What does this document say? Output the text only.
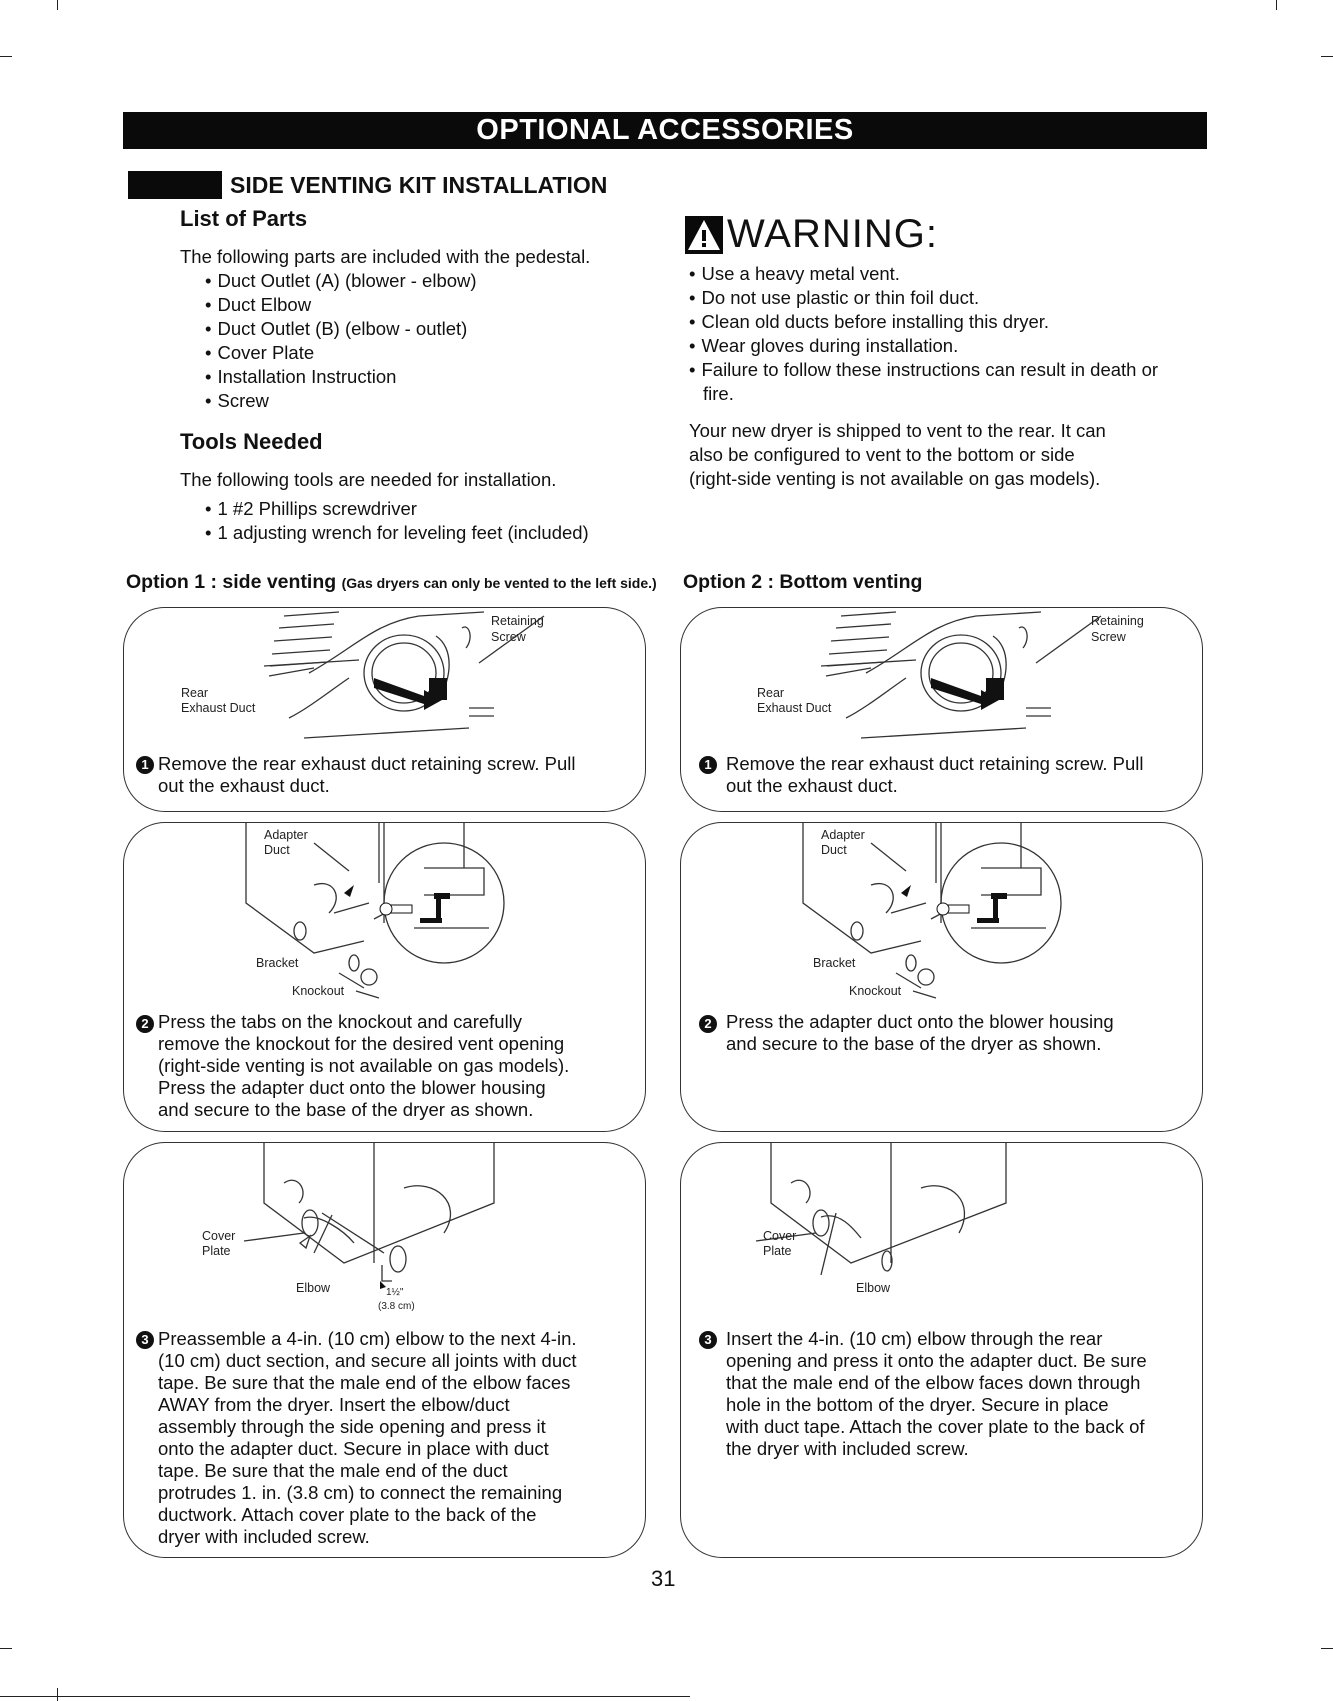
OPTIONAL ACCESSORIES
SIDE VENTING KIT INSTALLATION
List of Parts
The following parts are included with the pedestal.
• Duct Outlet (A) (blower - elbow)
• Duct Elbow
• Duct Outlet (B) (elbow - outlet)
• Cover Plate
• Installation Instruction
• Screw
Tools Needed
The following tools are needed for installation.
• 1 #2 Phillips screwdriver
• 1 adjusting wrench for leveling feet (included)
WARNING:
• Use a heavy metal vent.
• Do not use plastic or thin foil duct.
• Clean old ducts before installing this dryer.
• Wear gloves during installation.
• Failure to follow these instructions can result in death or fire.
Your new dryer is shipped to vent to the rear. It can
also be configured to vent to the bottom or side
(right-side venting is not available on gas models).
Option 1 : side venting (Gas dryers can only be vented to the left side.) Option 2 : Bottom venting
Retaining
Screw
Rear
Exhaust Duct
1 Remove the rear exhaust duct retaining screw. Pull
out the exhaust duct.
Retaining
Screw
Rear
Exhaust Duct
1 Remove the rear exhaust duct retaining screw. Pull
out the exhaust duct.
Adapter
Duct
Bracket
Knockout
2 Press the tabs on the knockout and carefully
remove the knockout for the desired vent opening
(right-side venting is not available on gas models).
Press the adapter duct onto the blower housing
and secure to the base of the dryer as shown.
Adapter
Duct
Bracket
Knockout
2 Press the adapter duct onto the blower housing
and secure to the base of the dryer as shown.
Cover
Plate
Elbow	1½"
(3.8 cm)
3 Preassemble a 4-in. (10 cm) elbow to the next 4-in.
(10 cm) duct section, and secure all joints with duct
tape. Be sure that the male end of the elbow faces
AWAY from the dryer. Insert the elbow/duct
assembly through the side opening and press it
onto the adapter duct. Secure in place with duct
tape. Be sure that the male end of the duct
protrudes 1. in. (3.8 cm) to connect the remaining
ductwork. Attach cover plate to the back of the
dryer with included screw.
Cover
Plate
Elbow
3 Insert the 4-in. (10 cm) elbow through the rear
opening and press it onto the adapter duct. Be sure
that the male end of the elbow faces down through
hole in the bottom of the dryer. Secure in place
with duct tape. Attach the cover plate to the back of
the dryer with included screw.
31
